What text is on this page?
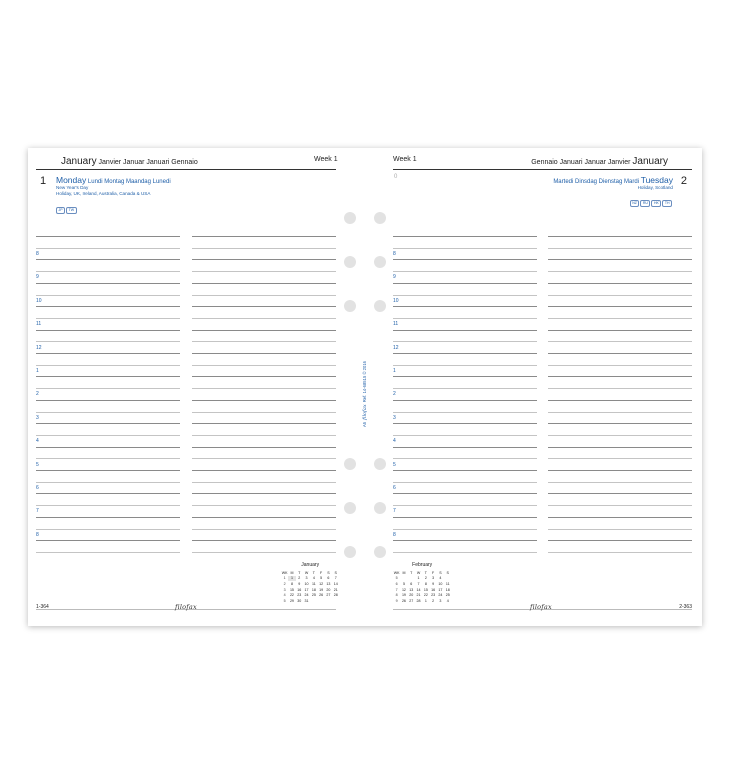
January Janvier Januar Januari Gennaio	Week 1
1 Monday Lundi Montag Maandag Lunedi
New Year's Day
Holiday, UK, Ireland, Australia, Canada & USA
JP TW
8
9
10
11
12
1
2
3
4
5
6
7
8
January
WK	M	T	W	T	F	S	S
1	1	2	3	4	5	6	7
2	8	9	10	11	12	13	14
3	15	16	17	18	19	20	21
4	22	23	24	25	26	27	28
5	29	30	31				
1-364	filofax
Week 1	Gennaio Januari Januar Janvier January
0
Martedi Dinsdag Dienstag Mardi Tuesday 2
Holiday, Scotland
NZ RU HK TH
8
9
10
11
12
1
2
3
4
5
6
7
8
February
WK	M	T	W	T	F	S	S
5			1	2	3	4	
6	5	6	7	8	9	10	11
7	12	13	14	15	16	17	18
8	19	20	21	22	23	24	25
9	26	27	28	1	2	3	4
filofax	2-363
A5filofaxRef. 14-68515 © 2016
